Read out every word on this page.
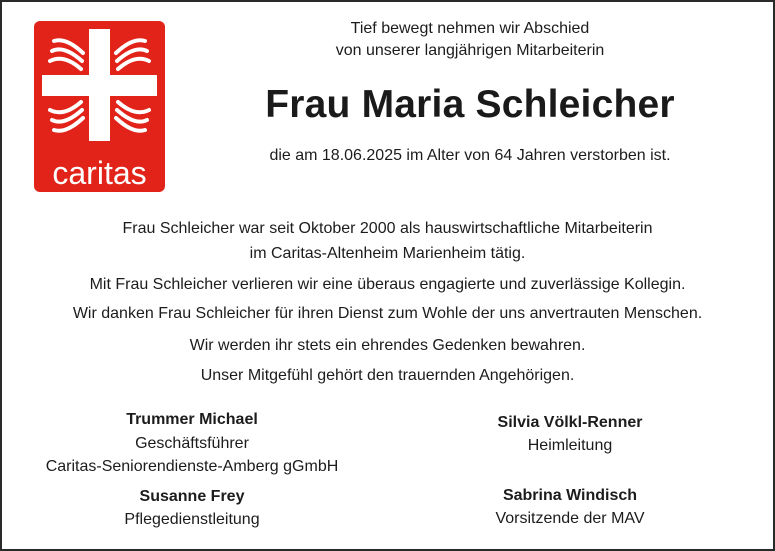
caritas
Tief bewegt nehmen wir Abschied
von unserer langjährigen Mitarbeiterin
Frau Maria Schleicher
die am 18.06.2025 im Alter von 64 Jahren verstorben ist.
Frau Schleicher war seit Oktober 2000 als hauswirtschaftliche Mitarbeiterin
im Caritas-Altenheim Marienheim tätig.
Mit Frau Schleicher verlieren wir eine überaus engagierte und zuverlässige Kollegin.
Wir danken Frau Schleicher für ihren Dienst zum Wohle der uns anvertrauten Menschen.
Wir werden ihr stets ein ehrendes Gedenken bewahren.
Unser Mitgefühl gehört den trauernden Angehörigen.
Trummer Michael
Geschäftsführer
Caritas-Seniorendienste-Amberg gGmbH
Susanne Frey
Pflegedienstleitung
Silvia Völkl-Renner
Heimleitung
Sabrina Windisch
Vorsitzende der MAV
